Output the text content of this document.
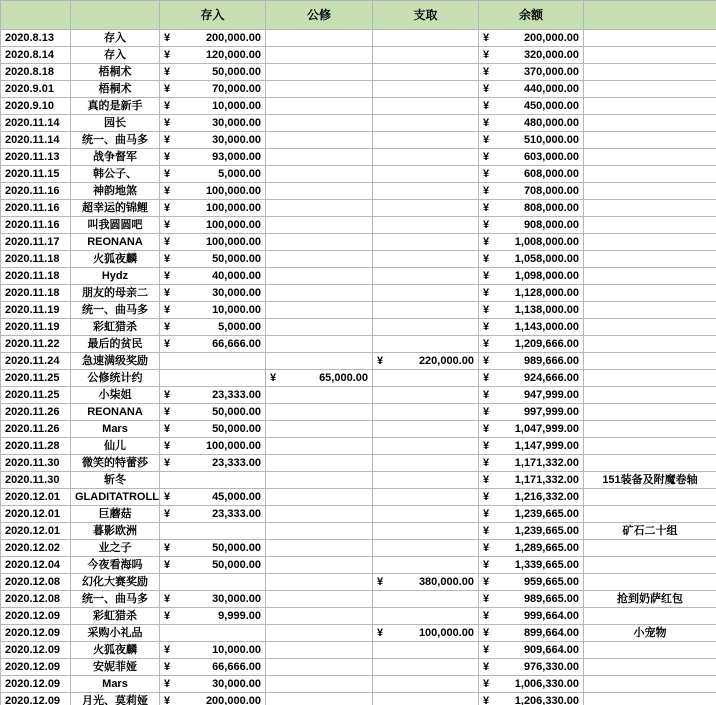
		存入	公修	支取	余额	
2020.8.13	存入	¥ 200,000.00			¥ 200,000.00	

2020.8.14	存入	¥ 120,000.00			¥ 320,000.00	

2020.8.18	梧桐术	¥ 50,000.00			¥ 370,000.00	

2020.9.01	梧桐术	¥ 70,000.00			¥ 440,000.00	

2020.9.10	真的是新手	¥ 10,000.00			¥ 450,000.00	

2020.11.14	园长	¥ 30,000.00			¥ 480,000.00	

2020.11.14	统一、曲马多	¥ 30,000.00			¥ 510,000.00	

2020.11.13	战争督军	¥ 93,000.00			¥ 603,000.00	

2020.11.15	韩公子、	¥ 5,000.00			¥ 608,000.00	

2020.11.16	神韵地煞	¥ 100,000.00			¥ 708,000.00	

2020.11.16	超幸运的锦鲤	¥ 100,000.00			¥ 808,000.00	

2020.11.16	叫我圆圆吧	¥ 100,000.00			¥ 908,000.00	

2020.11.17	REONANA	¥ 100,000.00			¥ 1,008,000.00	

2020.11.18	火狐夜麟	¥ 50,000.00			¥ 1,058,000.00	

2020.11.18	Hydz	¥ 40,000.00			¥ 1,098,000.00	

2020.11.18	朋友的母亲二	¥ 30,000.00			¥ 1,128,000.00	

2020.11.19	统一、曲马多	¥ 10,000.00			¥ 1,138,000.00	

2020.11.19	彩虹猎杀	¥ 5,000.00			¥ 1,143,000.00	

2020.11.22	最后的贫民	¥ 66,666.00			¥ 1,209,666.00	

2020.11.24	急速满级奖励			¥ 220,000.00	¥ 989,666.00	

2020.11.25	公修统计约		¥ 65,000.00		¥ 924,666.00	

2020.11.25	小柒姐	¥ 23,333.00			¥ 947,999.00	

2020.11.26	REONANA	¥ 50,000.00			¥ 997,999.00	

2020.11.26	Mars	¥ 50,000.00			¥ 1,047,999.00	

2020.11.28	仙儿	¥ 100,000.00			¥ 1,147,999.00	

2020.11.30	微笑的特蕾莎	¥ 23,333.00			¥ 1,171,332.00	

2020.11.30	斩冬				¥ 1,171,332.00	151装备及附魔卷轴
2020.12.01	GLADITATROLL	¥ 45,000.00			¥ 1,216,332.00	

2020.12.01	巨蘑菇	¥ 23,333.00			¥ 1,239,665.00	

2020.12.01	暮影欧洲				¥ 1,239,665.00	矿石二十组
2020.12.02	业之子	¥ 50,000.00			¥ 1,289,665.00	

2020.12.04	今夜看海吗	¥ 50,000.00			¥ 1,339,665.00	

2020.12.08	幻化大赛奖励			¥ 380,000.00	¥ 959,665.00	

2020.12.08	统一、曲马多	¥ 30,000.00			¥ 989,665.00	抢到奶萨红包
2020.12.09	彩虹猎杀	¥ 9,999.00			¥ 999,664.00	

2020.12.09	采购小礼品			¥ 100,000.00	¥ 899,664.00	小宠物
2020.12.09	火狐夜麟	¥ 10,000.00			¥ 909,664.00	

2020.12.09	安妮菲娅	¥ 66,666.00			¥ 976,330.00	

2020.12.09	Mars	¥ 30,000.00			¥ 1,006,330.00	

2020.12.09	月光、莫莉娅	¥ 200,000.00			¥ 1,206,330.00	
